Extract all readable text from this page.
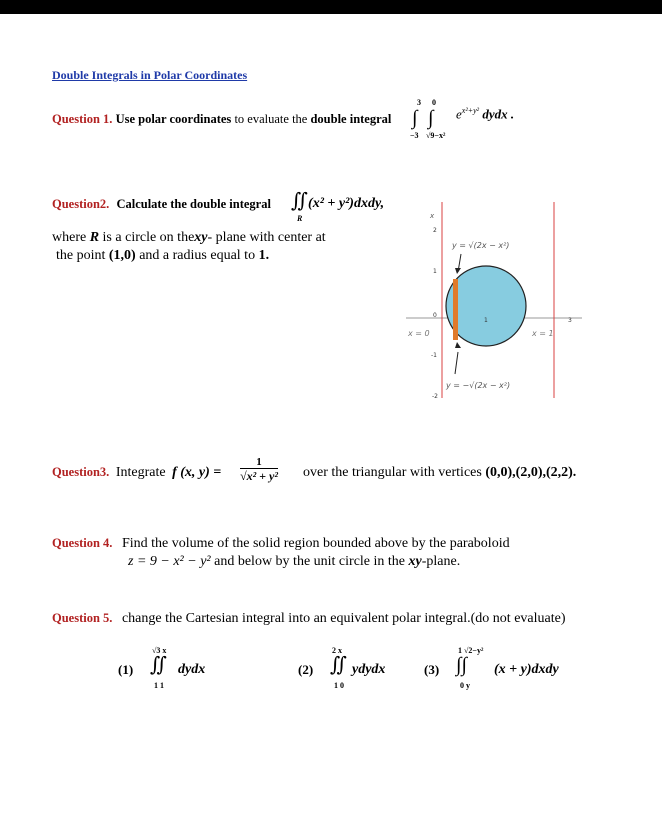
Double Integrals in Polar Coordinates
Question 1. Use polar coordinates to evaluate the double integral
3 0
∫ ∫
−3 √9−x²
$e^{x^2+y^2}$ dydx .
Question2. Calculate the double integral ∬(x² + y²)dxdy,
R
where R is a circle on thexy- plane with center at
the point (1,0) and a radius equal to 1.
x
2
1
0
-1
-2
1	3
y = √(2x − x²)
y = −√(2x − x²)
x = 0	x = 1
Question3. Integrate f (x, $y) = \frac{1}{\text{√x² + y²}}$ over the triangular with vertices (0,0),(2,0),(2,2).
Question 4. Find the volume of the solid region bounded above by the paraboloid
z = 9 − x² − y² and below by the unit circle in the xy-plane.
Question 5. change the Cartesian integral into an equivalent polar integral.(do not evaluate)
(1)
√3 x
∬
1 1
dydx	(2)
2 x
∬
1 0
ydydx	(3)
1 √2−y²
∫∫
0 y
(x + y)dxdy
